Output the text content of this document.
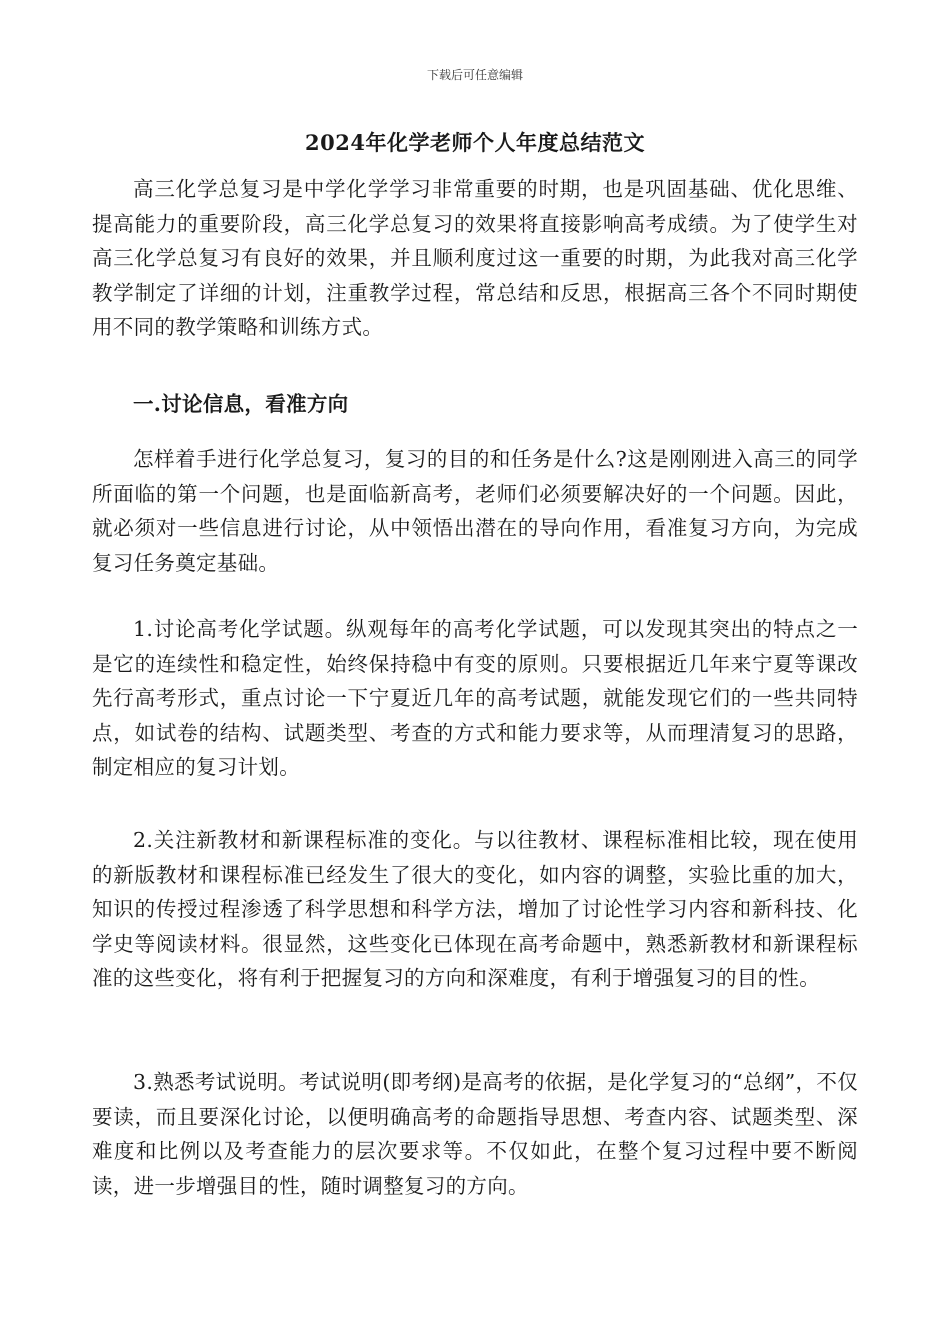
下载后可任意编辑
2024年化学老师个人年度总结范文

高三化学总复习是中学化学学习非常重要的时期，也是巩固基础、优化思维、提高能力的重要阶段，高三化学总复习的效果将直接影响高考成绩。为了使学生对高三化学总复习有良好的效果，并且顺利度过这一重要的时期，为此我对高三化学教学制定了详细的计划，注重教学过程，常总结和反思，根据高三各个不同时期使用不同的教学策略和训练方式。

一.讨论信息，看准方向

怎样着手进行化学总复习，复习的目的和任务是什么?这是刚刚进入高三的同学所面临的第一个问题，也是面临新高考，老师们必须要解决好的一个问题。因此，就必须对一些信息进行讨论，从中领悟出潜在的导向作用，看准复习方向，为完成复习任务奠定基础。

1.讨论高考化学试题。纵观每年的高考化学试题，可以发现其突出的特点之一是它的连续性和稳定性，始终保持稳中有变的原则。只要根据近几年来宁夏等课改先行高考形式，重点讨论一下宁夏近几年的高考试题，就能发现它们的一些共同特点，如试卷的结构、试题类型、考查的方式和能力要求等，从而理清复习的思路，制定相应的复习计划。

2.关注新教材和新课程标准的变化。与以往教材、课程标准相比较，现在使用的新版教材和课程标准已经发生了很大的变化，如内容的调整，实验比重的加大，知识的传授过程渗透了科学思想和科学方法，增加了讨论性学习内容和新科技、化学史等阅读材料。很显然，这些变化已体现在高考命题中，熟悉新教材和新课程标准的这些变化，将有利于把握复习的方向和深难度，有利于增强复习的目的性。

3.熟悉考试说明。考试说明(即考纲)是高考的依据，是化学复习的“总纲”，不仅要读，而且要深化讨论，以便明确高考的命题指导思想、考查内容、试题类型、深难度和比例以及考查能力的层次要求等。不仅如此，在整个复习过程中要不断阅读，进一步增强目的性，随时调整复习的方向。
